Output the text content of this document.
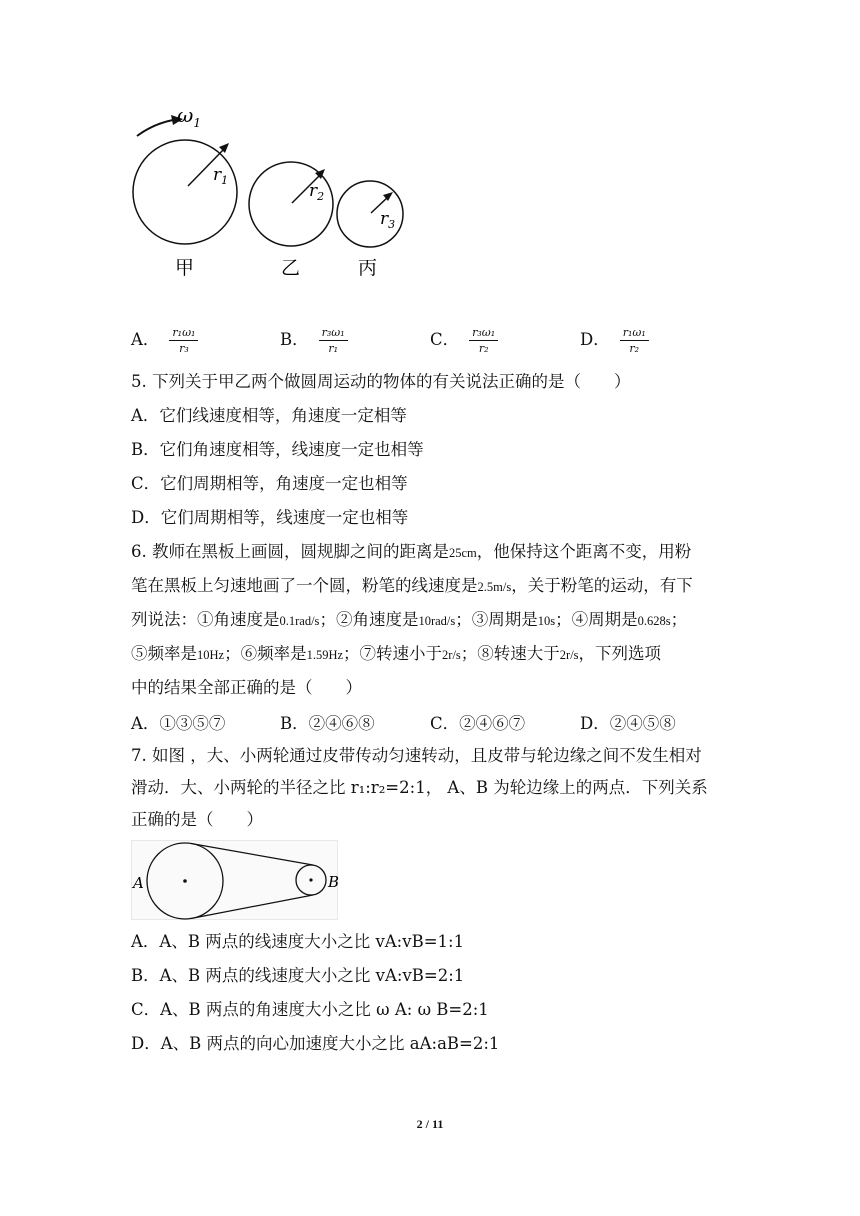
$\omega_1$
$r_1$
$r_2$
$r_3$
甲	乙	丙
A． $\frac{\text{r₁ω₁}}{\text{r₃}}$	B． $\frac{\text{r₃ω₁}}{\text{r₁}}$	C． $\frac{\text{r₃ω₁}}{\text{r₂}}$	D． $\frac{\text{r₁ω₁}}{\text{r₂}}$
5. 下列关于甲乙两个做圆周运动的物体的有关说法正确的是（　　）
A．它们线速度相等，角速度一定相等
B．它们角速度相等，线速度一定也相等
C．它们周期相等，角速度一定也相等
D．它们周期相等，线速度一定也相等
6. 教师在黑板上画圆，圆规脚之间的距离是25cm，他保持这个距离不变，用粉
笔在黑板上匀速地画了一个圆，粉笔的线速度是2.5m/s，关于粉笔的运动，有下
列说法：①角速度是0.1rad/s；②角速度是10rad/s；③周期是10s；④周期是0.628s；
⑤频率是10Hz；⑥频率是1.59Hz；⑦转速小于2r/s；⑧转速大于2r/s，下列选项
中的结果全部正确的是（　　）
A．①③⑤⑦	B．②④⑥⑧	C．②④⑥⑦	D．②④⑤⑧
7. 如图 ，大、小两轮通过皮带传动匀速转动，且皮带与轮边缘之间不发生相对
滑动．大、小两轮的半径之比 r₁:r₂=2:1， A、B 为轮边缘上的两点．下列关系
正确的是（　　）
A	B
A．A、B 两点的线速度大小之比 vA:vB=1:1
B．A、B 两点的线速度大小之比 vA:vB=2:1
C．A、B 两点的角速度大小之比 ω A: ω B=2:1
D．A、B 两点的向心加速度大小之比 aA:aB=2:1
2 / 11
